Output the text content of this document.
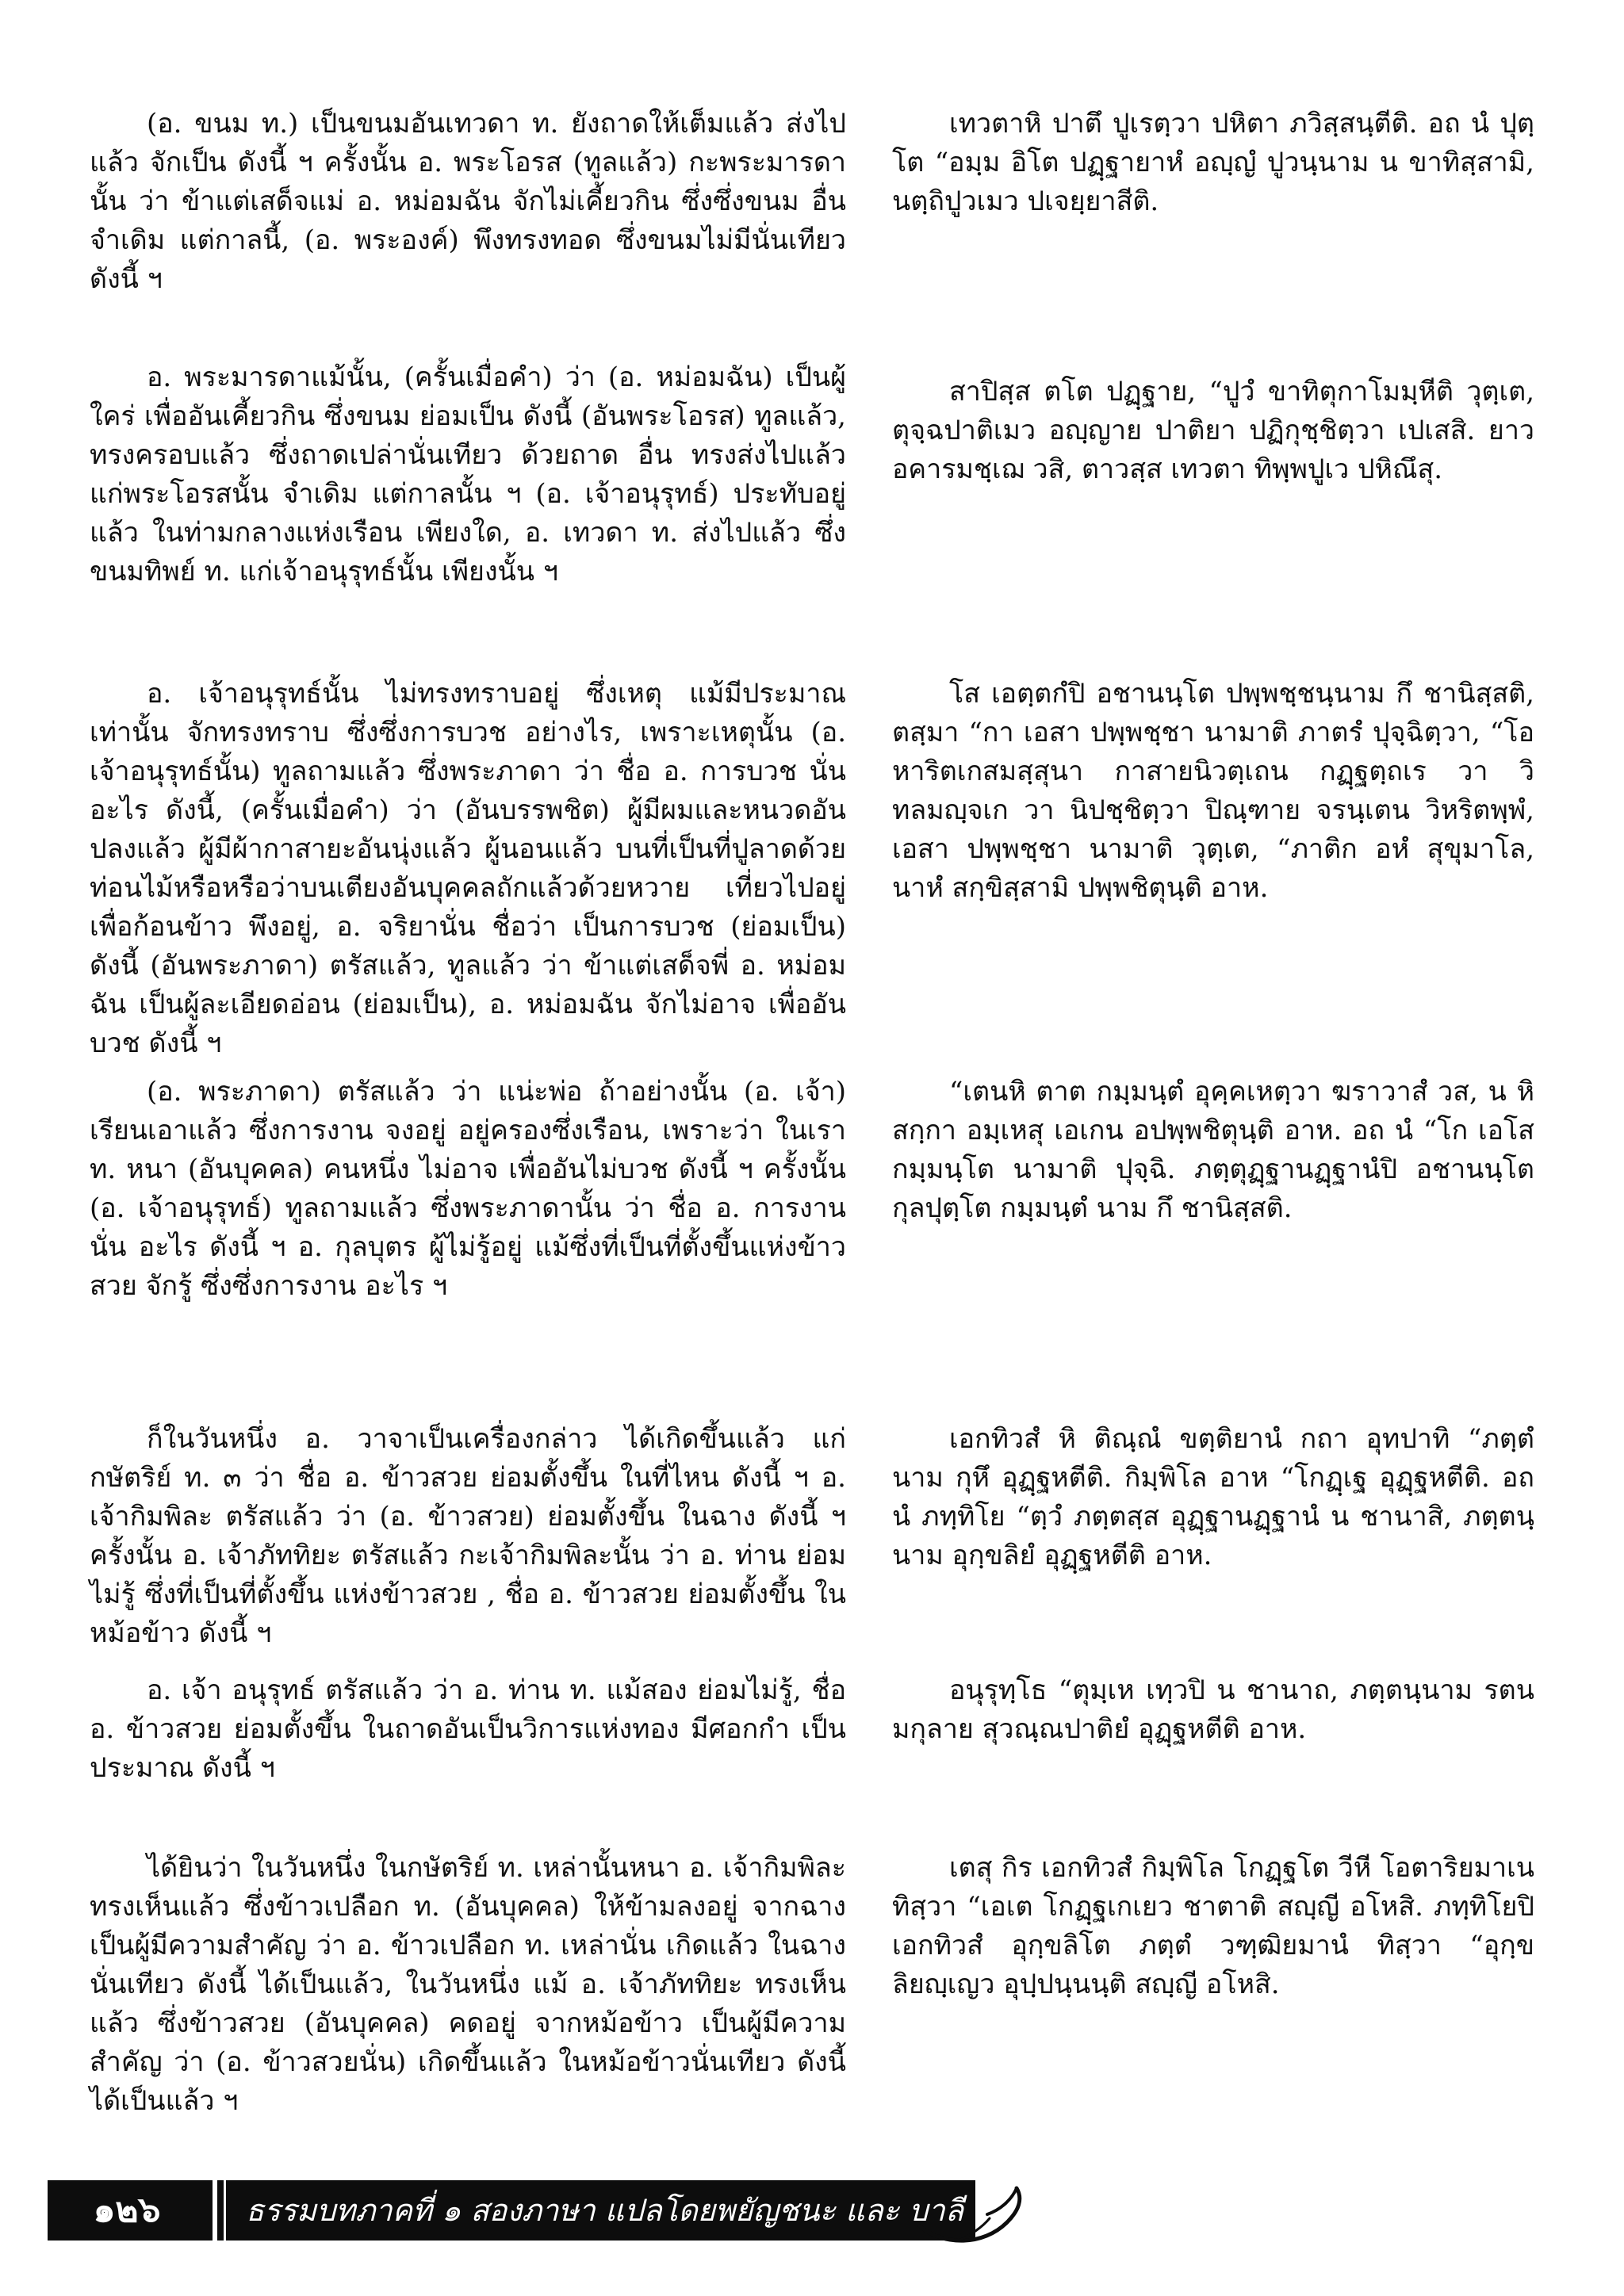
(อ. ขนม ท.) เป็นขนมอันเทวดา ท. ยังถาดให้เต็มแล้ว ส่งไปแล้ว จักเป็น ดังนี้ ฯ ครั้งนั้น อ. พระโอรส (ทูลแล้ว) กะพระมารดานั้น ว่า ข้าแต่เสด็จแม่ อ. หม่อมฉัน จักไม่เคี้ยวกิน ซึ่งซึ่งขนม อื่น จำเดิม แต่กาลนี้, (อ. พระองค์) พึงทรงทอด ซึ่งขนมไม่มีนั่นเทียว ดังนี้ ฯ

อ. พระมารดาแม้นั้น, (ครั้นเมื่อคำ) ว่า (อ. หม่อมฉัน) เป็นผู้ใคร่ เพื่ออันเคี้ยวกิน ซึ่งขนม ย่อมเป็น ดังนี้ (อันพระโอรส) ทูลแล้ว, ทรงครอบแล้ว ซึ่งถาดเปล่านั่นเทียว ด้วยถาด อื่น ทรงส่งไปแล้ว แก่พระโอรสนั้น จำเดิม แต่กาลนั้น ฯ (อ. เจ้าอนุรุทธ์) ประทับอยู่แล้ว ในท่ามกลางแห่งเรือน เพียงใด, อ. เทวดา ท. ส่งไปแล้ว ซึ่งขนมทิพย์ ท. แก่เจ้าอนุรุทธ์นั้น เพียงนั้น ฯ

อ. เจ้าอนุรุทธ์นั้น ไม่ทรงทราบอยู่ ซึ่งเหตุ แม้มีประมาณเท่านั้น จักทรงทราบ ซึ่งซึ่งการบวช อย่างไร, เพราะเหตุนั้น (อ. เจ้าอนุรุทธ์นั้น) ทูลถามแล้ว ซึ่งพระภาดา ว่า ชื่อ อ. การบวช นั่น อะไร ดังนี้, (ครั้นเมื่อคำ) ว่า (อันบรรพชิต) ผู้มีผมและหนวดอันปลงแล้ว ผู้มีผ้ากาสายะอันนุ่งแล้ว ผู้นอนแล้ว บนที่เป็นที่ปูลาดด้วยท่อนไม้หรือหรือว่าบนเตียงอันบุคคลถักแล้วด้วยหวาย เที่ยวไปอยู่ เพื่อก้อนข้าว พึงอยู่, อ. จริยานั่น ชื่อว่า เป็นการบวช (ย่อมเป็น) ดังนี้ (อันพระภาดา) ตรัสแล้ว, ทูลแล้ว ว่า ข้าแต่เสด็จพี่ อ. หม่อมฉัน เป็นผู้ละเอียดอ่อน (ย่อมเป็น), อ. หม่อมฉัน จักไม่อาจ เพื่ออันบวช ดังนี้ ฯ

(อ. พระภาดา) ตรัสแล้ว ว่า แน่ะพ่อ ถ้าอย่างนั้น (อ. เจ้า) เรียนเอาแล้ว ซึ่งการงาน จงอยู่ อยู่ครองซึ่งเรือน, เพราะว่า ในเรา ท. หนา (อันบุคคล) คนหนึ่ง ไม่อาจ เพื่ออันไม่บวช ดังนี้ ฯ ครั้งนั้น (อ. เจ้าอนุรุทธ์) ทูลถามแล้ว ซึ่งพระภาดานั้น ว่า ชื่อ อ. การงาน นั่น อะไร ดังนี้ ฯ อ. กุลบุตร ผู้ไม่รู้อยู่ แม้ซึ่งที่เป็นที่ตั้งขึ้นแห่งข้าวสวย จักรู้ ซึ่งซึ่งการงาน อะไร ฯ

ก็ในวันหนึ่ง อ. วาจาเป็นเครื่องกล่าว ได้เกิดขึ้นแล้ว แก่กษัตริย์ ท. ๓ ว่า ชื่อ อ. ข้าวสวย ย่อมตั้งขึ้น ในที่ไหน ดังนี้ ฯ อ. เจ้ากิมพิละ ตรัสแล้ว ว่า (อ. ข้าวสวย) ย่อมตั้งขึ้น ในฉาง ดังนี้ ฯ ครั้งนั้น อ. เจ้าภัททิยะ ตรัสแล้ว กะเจ้ากิมพิละนั้น ว่า อ. ท่าน ย่อมไม่รู้ ซึ่งที่เป็นที่ตั้งขึ้น แห่งข้าวสวย , ชื่อ อ. ข้าวสวย ย่อมตั้งขึ้น ในหม้อข้าว ดังนี้ ฯ

อ. เจ้า อนุรุทธ์ ตรัสแล้ว ว่า อ. ท่าน ท. แม้สอง ย่อมไม่รู้, ชื่อ อ. ข้าวสวย ย่อมตั้งขึ้น ในถาดอันเป็นวิการแห่งทอง มีศอกกำ เป็นประมาณ ดังนี้ ฯ

ได้ยินว่า ในวันหนึ่ง ในกษัตริย์ ท. เหล่านั้นหนา อ. เจ้ากิมพิละ ทรงเห็นแล้ว ซึ่งข้าวเปลือก ท. (อันบุคคล) ให้ข้ามลงอยู่ จากฉาง เป็นผู้มีความสำคัญ ว่า อ. ข้าวเปลือก ท. เหล่านั่น เกิดแล้ว ในฉาง นั่นเทียว ดังนี้ ได้เป็นแล้ว, ในวันหนึ่ง แม้ อ. เจ้าภัททิยะ ทรงเห็นแล้ว ซึ่งข้าวสวย (อันบุคคล) คดอยู่ จากหม้อข้าว เป็นผู้มีความสำคัญ ว่า (อ. ข้าวสวยนั่น) เกิดขึ้นแล้ว ในหม้อข้าวนั่นเทียว ดังนี้ ได้เป็นแล้ว ฯ

เทวตาหิ ปาตึ ปูเรตฺวา ปหิตา ภวิสฺสนฺตีติ. อถ นํ ปุตฺโต “อมฺม อิโต ปฏฺฐายาหํ อญฺญํ ปูวนฺนาม น ขาทิสฺสามิ, นตฺถิปูวเมว ปเจยฺยาสีติ.

สาปิสฺส ตโต ปฏฺฐาย, “ปูวํ ขาทิตุกาโมมฺหีติ วุตฺเต, ตุจฺฉปาติเมว อญฺญาย ปาติยา ปฏิกุชฺชิตฺวา เปเสสิ. ยาว อคารมชฺเฌ วสิ, ตาวสฺส เทวตา ทิพฺพปูเว ปหิณึสุ.

โส เอตฺตกํปิ อชานนฺโต ปพฺพชฺชนฺนาม กึ ชานิสฺสติ, ตสฺมา “กา เอสา ปพฺพชฺชา นามาติ ภาตรํ ปุจฺฉิตฺวา, “โอหาริตเกสมสฺสุนา กาสายนิวตฺเถน กฏฺฐตฺถเร วา วิทลมญฺจเก วา นิปชฺชิตฺวา ปิณฺฑาย จรนฺเตน วิหริตพฺพํ, เอสา ปพฺพชฺชา นามาติ วุตฺเต, “ภาติก อหํ สุขุมาโล, นาหํ สกฺขิสฺสามิ ปพฺพชิตุนฺติ อาห.

“เตนหิ ตาต กมฺมนฺตํ อุคฺคเหตฺวา ฆราวาสํ วส, น หิ สกฺกา อมฺเหสุ เอเกน อปพฺพชิตุนฺติ อาห. อถ นํ “โก เอโส กมฺมนฺโต นามาติ ปุจฺฉิ. ภตฺตุฏฺฐานฏฺฐานํปิ อชานนฺโต กุลปุตฺโต กมฺมนฺตํ นาม กึ ชานิสฺสติ.

เอกทิวสํ หิ ติณฺณํ ขตฺติยานํ กถา อุทปาทิ “ภตฺตํ นาม กุหึ อุฏฺฐหตีติ. กิมฺพิโล อาห “โกฏฺเฐ อุฏฺฐหตีติ. อถ นํ ภทฺทิโย “ตฺวํ ภตฺตสฺส อุฏฺฐานฏฺฐานํ น ชานาสิ, ภตฺตนฺนาม อุกฺขลิยํ อุฏฺฐหตีติ อาห.

อนุรุทฺโธ “ตุมฺเห เทฺวปิ น ชานาถ, ภตฺตนฺนาม รตนมกุลาย สุวณฺณปาติยํ อุฏฺฐหตีติ อาห.

เตสุ กิร เอกทิวสํ กิมฺพิโล โกฏฺฐโต วีหี โอตาริยมาเน ทิสฺวา “เอเต โกฏฺฐเกเยว ชาตาติ สญฺญี อโหสิ. ภทฺทิโยปิ เอกทิวสํ อุกฺขลิโต ภตฺตํ วฑฺฒิยมานํ ทิสฺวา “อุกฺขลิยญฺเญว อุปฺปนฺนนฺติ สญฺญี อโหสิ.

๑๒๖	ธรรมบทภาคที่ ๑ สองภาษา แปลโดยพยัญชนะ และ บาลี
